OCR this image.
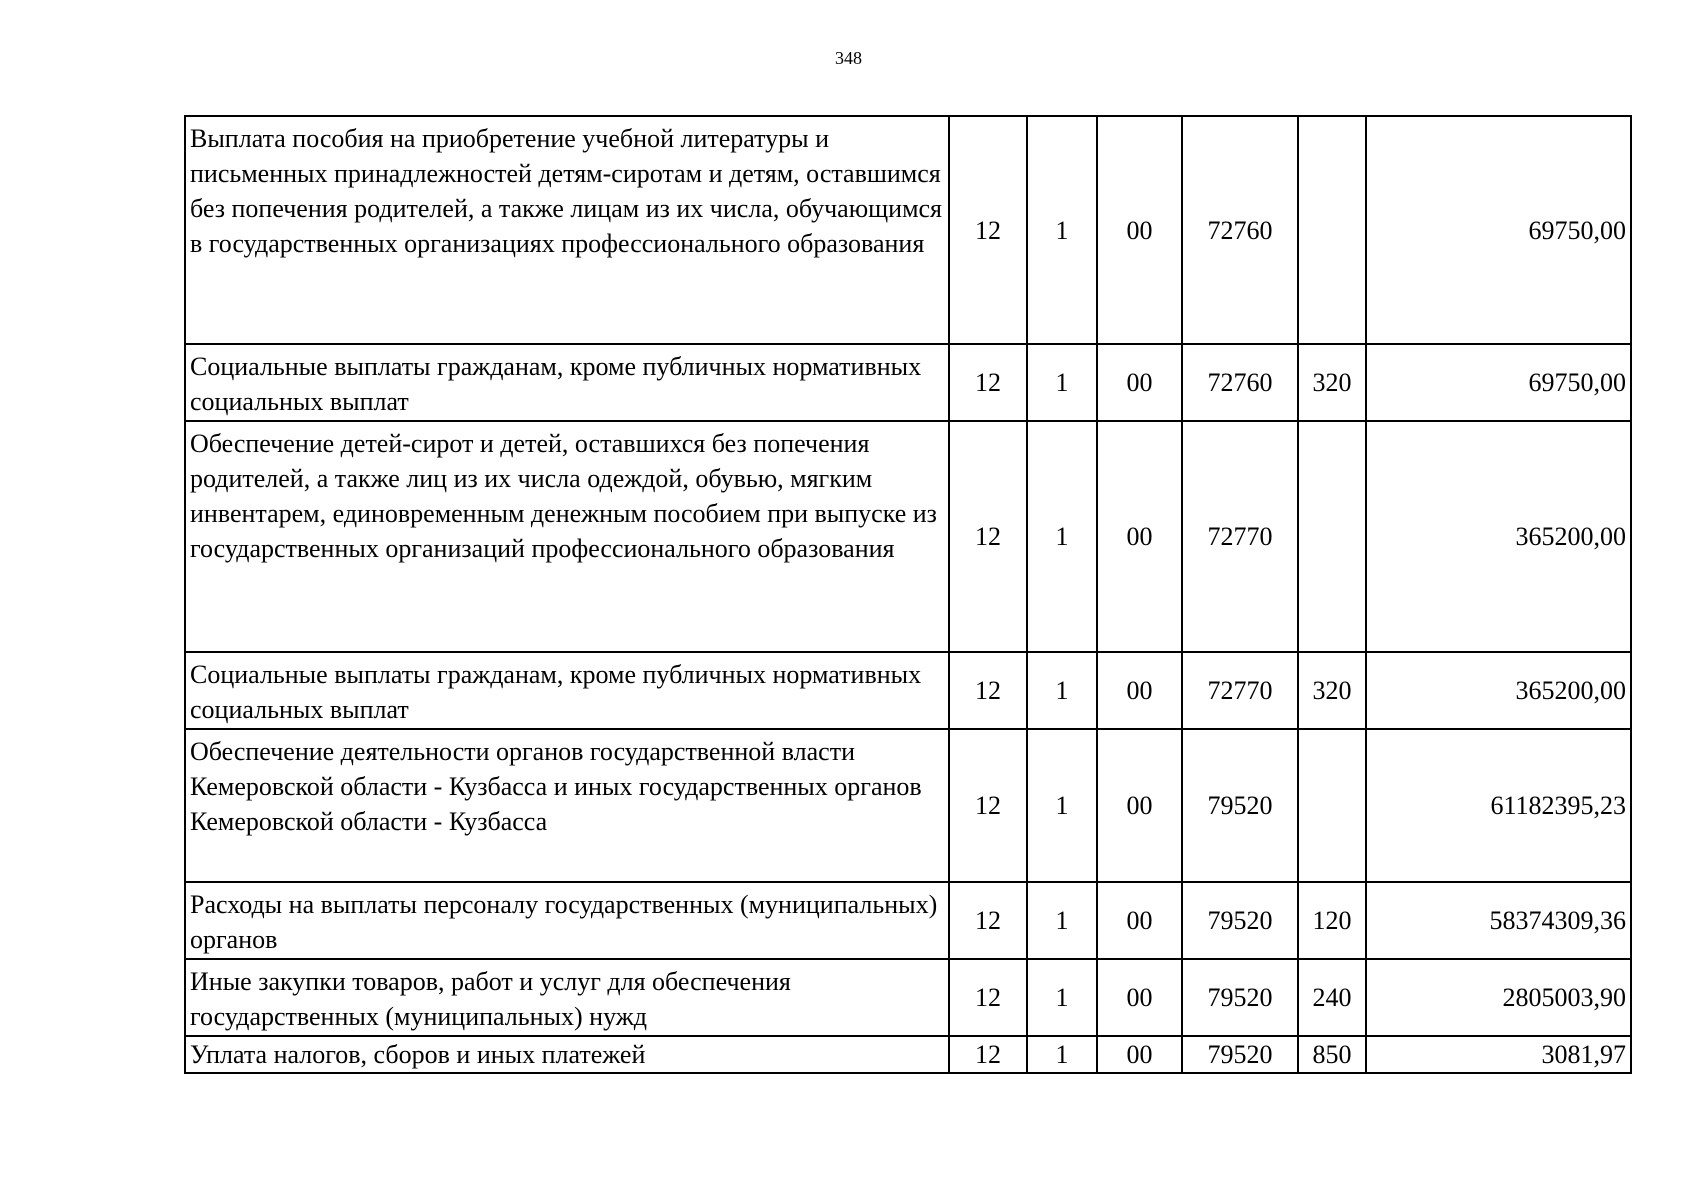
348
Выплата пособия на приобретение учебной литературы и письменных принадлежностей детям-сиротам и детям, оставшимся без попечения родителей, а также лицам из их числа, обучающимся в государственных организациях профессионального образования	12	1	00	72760		69750,00
Социальные выплаты гражданам, кроме публичных нормативных социальных выплат	12	1	00	72760	320	69750,00
Обеспечение детей-сирот и детей, оставшихся без попечения родителей, а также лиц из их числа одеждой, обувью, мягким инвентарем, единовременным денежным пособием при выпуске из государственных организаций профессионального образования	12	1	00	72770		365200,00
Социальные выплаты гражданам, кроме публичных нормативных социальных выплат	12	1	00	72770	320	365200,00
Обеспечение деятельности органов государственной власти Кемеровской области - Кузбасса и иных государственных органов Кемеровской области - Кузбасса	12	1	00	79520		61182395,23
Расходы на выплаты персоналу государственных (муниципальных) органов	12	1	00	79520	120	58374309,36
Иные закупки товаров, работ и услуг для обеспечения государственных (муниципальных) нужд	12	1	00	79520	240	2805003,90
Уплата налогов, сборов и иных платежей	12	1	00	79520	850	3081,97
